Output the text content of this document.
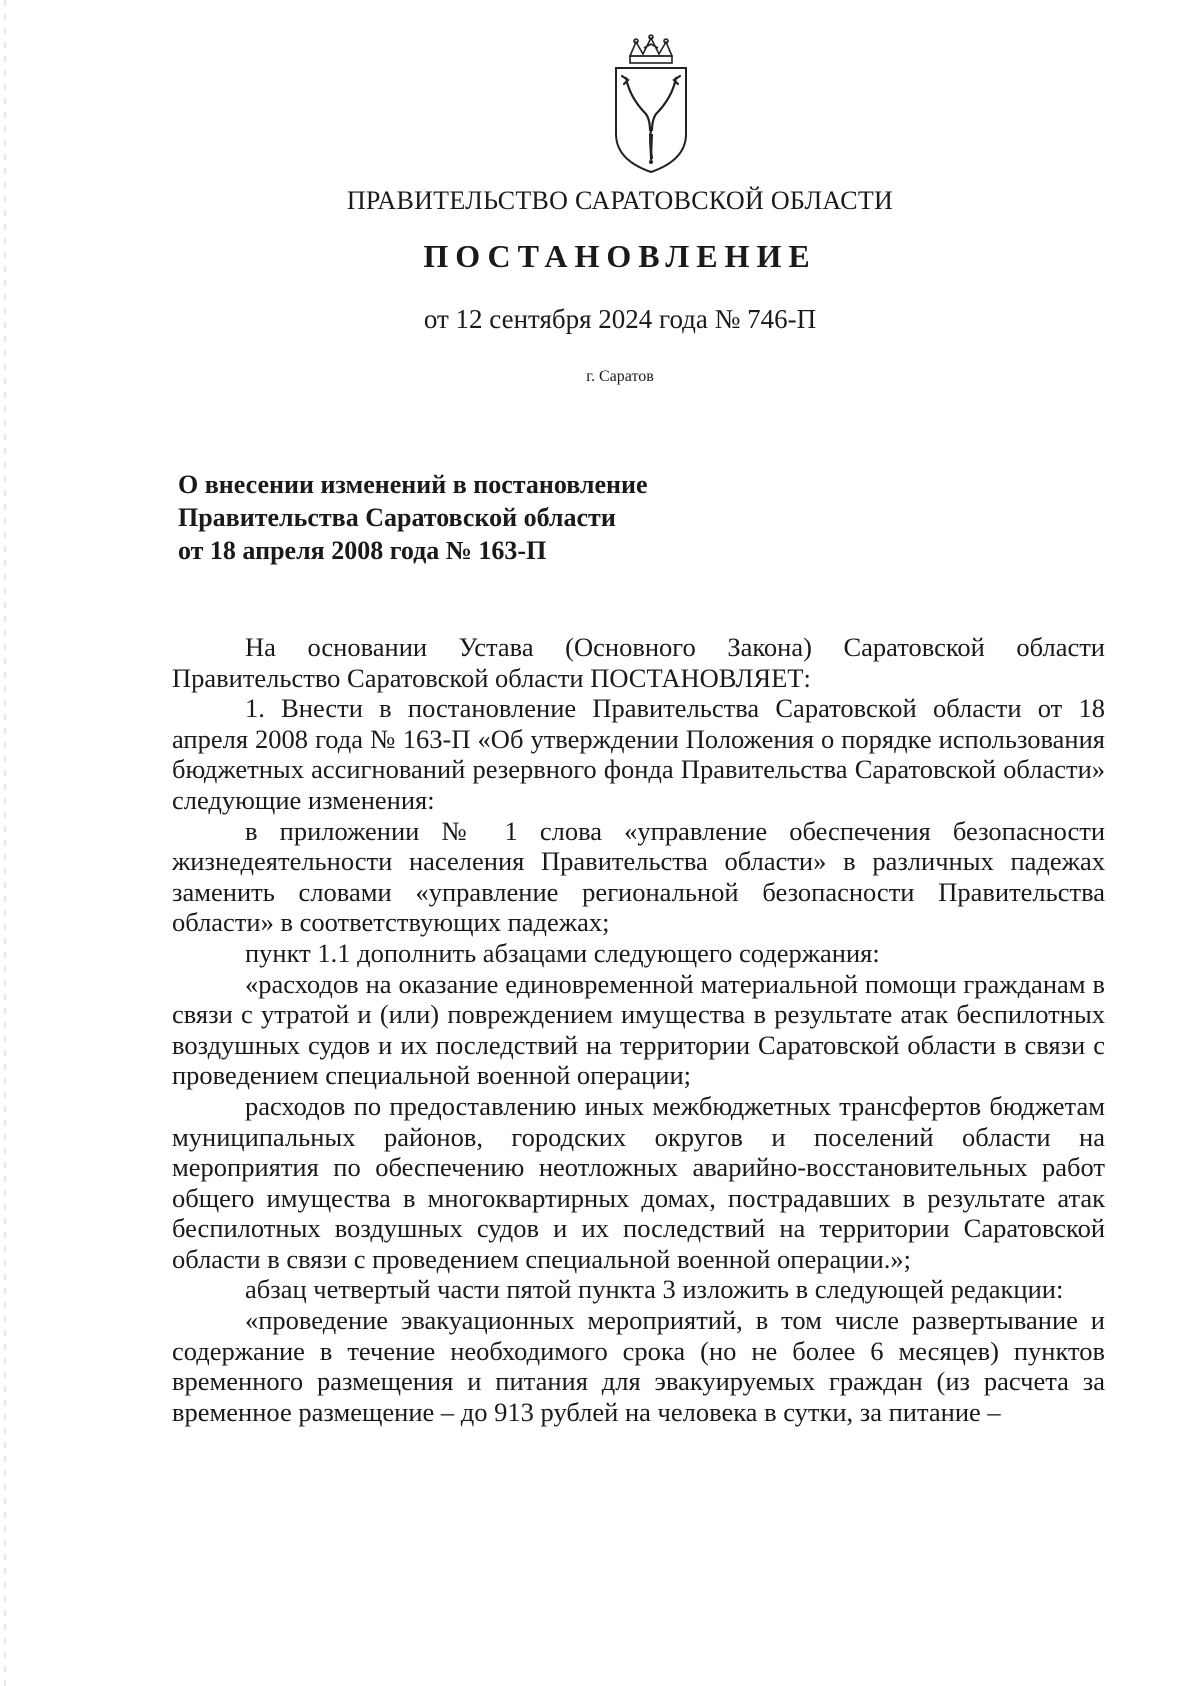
ПРАВИТЕЛЬСТВО САРАТОВСКОЙ ОБЛАСТИ
ПОСТАНОВЛЕНИЕ
от 12 сентября 2024 года № 746-П
г. Саратов
О внесении изменений в постановление
Правительства Саратовской области
от 18 апреля 2008 года № 163-П

На основании Устава (Основного Закона) Саратовской области Правительство Саратовской области ПОСТАНОВЛЯЕТ:

1. Внести в постановление Правительства Саратовской области от 18 апреля 2008 года № 163-П «Об утверждении Положения о порядке использования бюджетных ассигнований резервного фонда Правительства Саратовской области» следующие изменения:

в приложении № 1 слова «управление обеспечения безопасности жизнедеятельности населения Правительства области» в различных падежах заменить словами «управление региональной безопасности Правительства области» в соответствующих падежах;

пункт 1.1 дополнить абзацами следующего содержания:

«расходов на оказание единовременной материальной помощи гражданам в связи с утратой и (или) повреждением имущества в результате атак беспилотных воздушных судов и их последствий на территории Саратовской области в связи с проведением специальной военной операции;

расходов по предоставлению иных межбюджетных трансфертов бюджетам муниципальных районов, городских округов и поселений области на мероприятия по обеспечению неотложных аварийно-восстановительных работ общего имущества в многоквартирных домах, пострадавших в результате атак беспилотных воздушных судов и их последствий на территории Саратовской области в связи с проведением специальной военной операции.»;

абзац четвертый части пятой пункта 3 изложить в следующей редакции:

«проведение эвакуационных мероприятий, в том числе развертывание и содержание в течение необходимого срока (но не более 6 месяцев) пунктов временного размещения и питания для эвакуируемых граждан (из расчета за временное размещение – до 913 рублей на человека в сутки, за питание –
